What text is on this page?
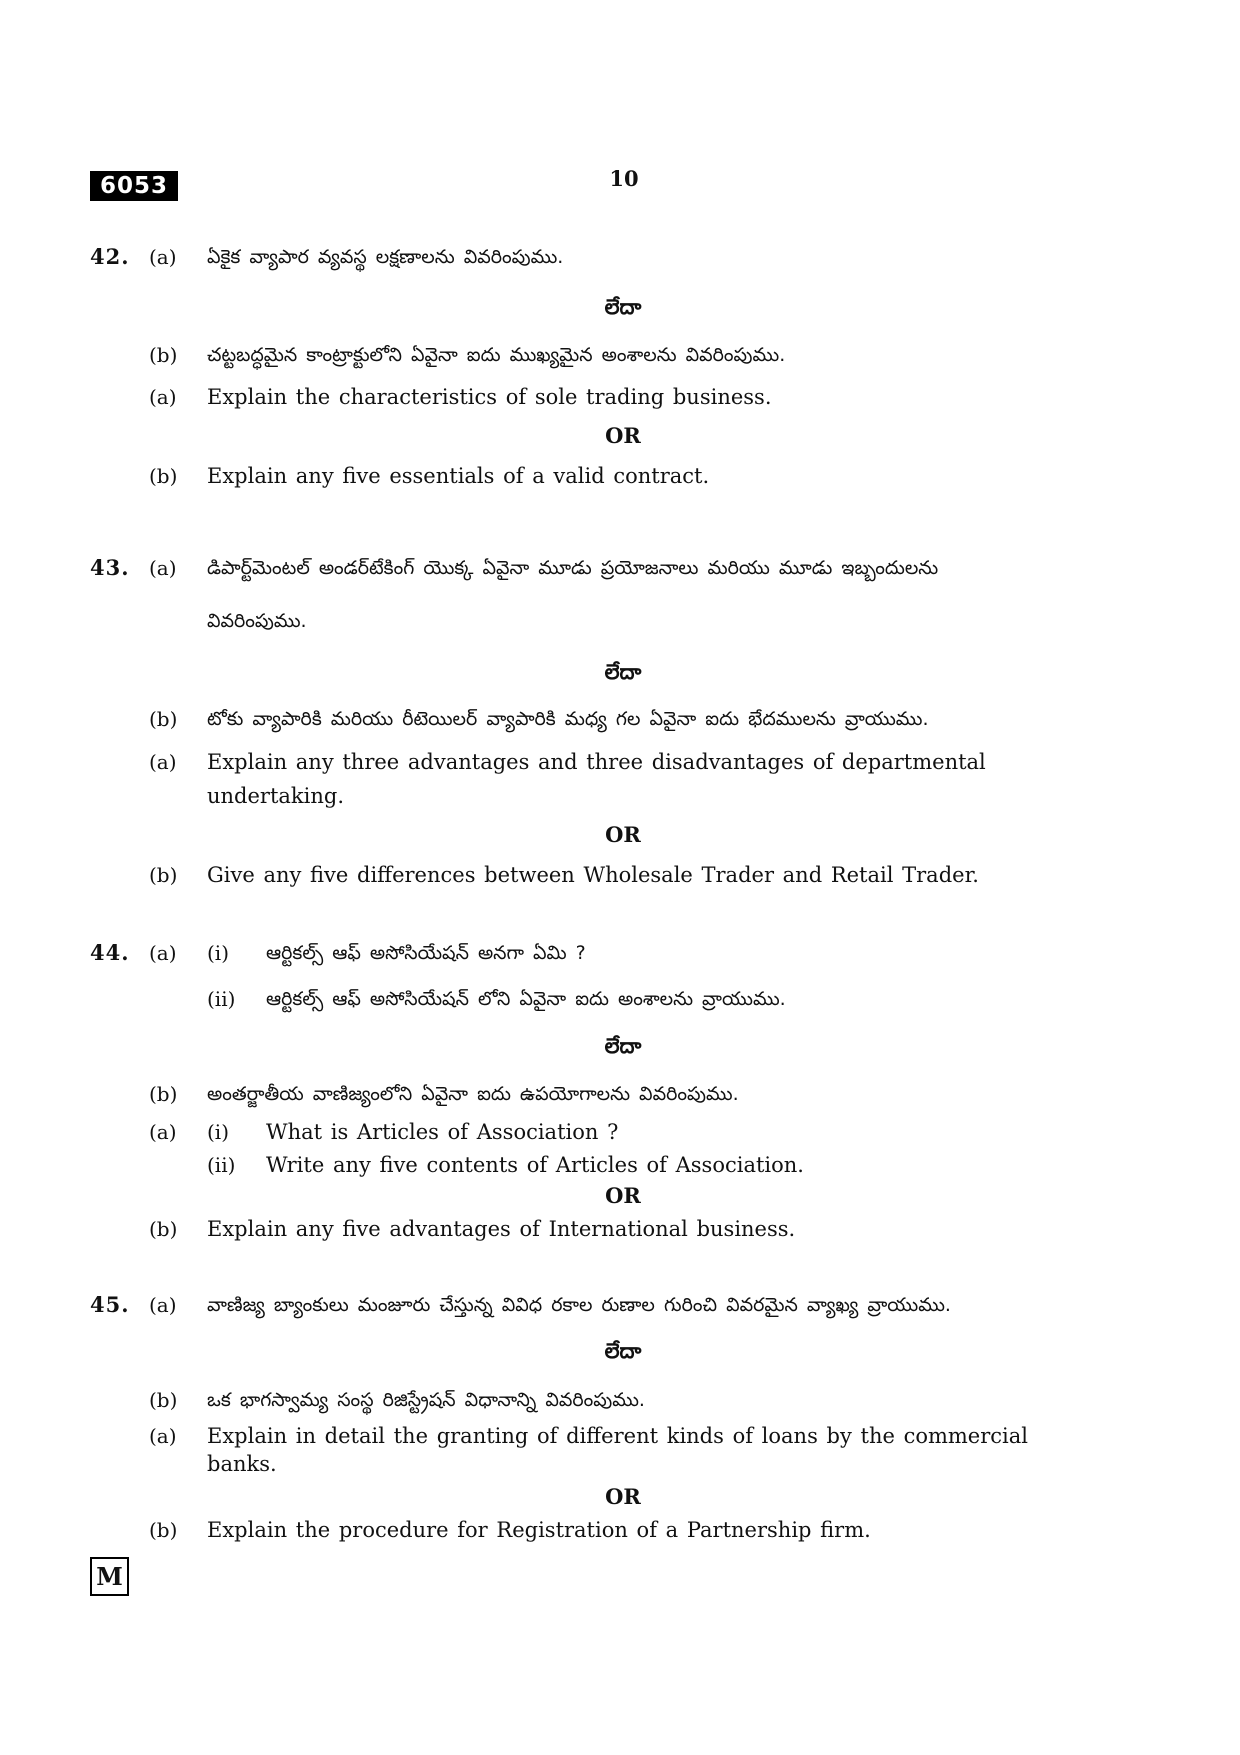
6053	10
42. (a) ఏకైక వ్యాపార వ్యవస్థ లక్షణాలను వివరింపుము.
లేదా
(b) చట్టబద్ధమైన కాంట్రాక్టులోని ఏవైనా ఐదు ముఖ్యమైన అంశాలను వివరింపుము.
(a) Explain the characteristics of sole trading business.
OR
(b) Explain any five essentials of a valid contract.
43. (a) డిపార్ట్‌మెంటల్ అండర్‌టేకింగ్ యొక్క ఏవైనా మూడు ప్రయోజనాలు మరియు మూడు ఇబ్బందులను
వివరింపుము.
లేదా
(b) టోకు వ్యాపారికి మరియు రీటెయిలర్ వ్యాపారికి మధ్య గల ఏవైనా ఐదు భేదములను వ్రాయుము.
(a) Explain any three advantages and three disadvantages of departmental
undertaking.
OR
(b) Give any five differences between Wholesale Trader and Retail Trader.
44. (a) (i) ఆర్టికల్స్ ఆఫ్ అసోసియేషన్ అనగా ఏమి ?
(ii) ఆర్టికల్స్ ఆఫ్ అసోసియేషన్ లోని ఏవైనా ఐదు అంశాలను వ్రాయుము.
లేదా
(b) అంతర్జాతీయ వాణిజ్యంలోని ఏవైనా ఐదు ఉపయోగాలను వివరింపుము.
(a) (i) What is Articles of Association ?
(ii) Write any five contents of Articles of Association.
OR
(b) Explain any five advantages of International business.
45. (a) వాణిజ్య బ్యాంకులు మంజూరు చేస్తున్న వివిధ రకాల రుణాల గురించి వివరమైన వ్యాఖ్య వ్రాయుము.
లేదా
(b) ఒక భాగస్వామ్య సంస్థ రిజిస్ట్రేషన్ విధానాన్ని వివరింపుము.
(a) Explain in detail the granting of different kinds of loans by the commercial
banks.
OR
(b) Explain the procedure for Registration of a Partnership firm.
M
